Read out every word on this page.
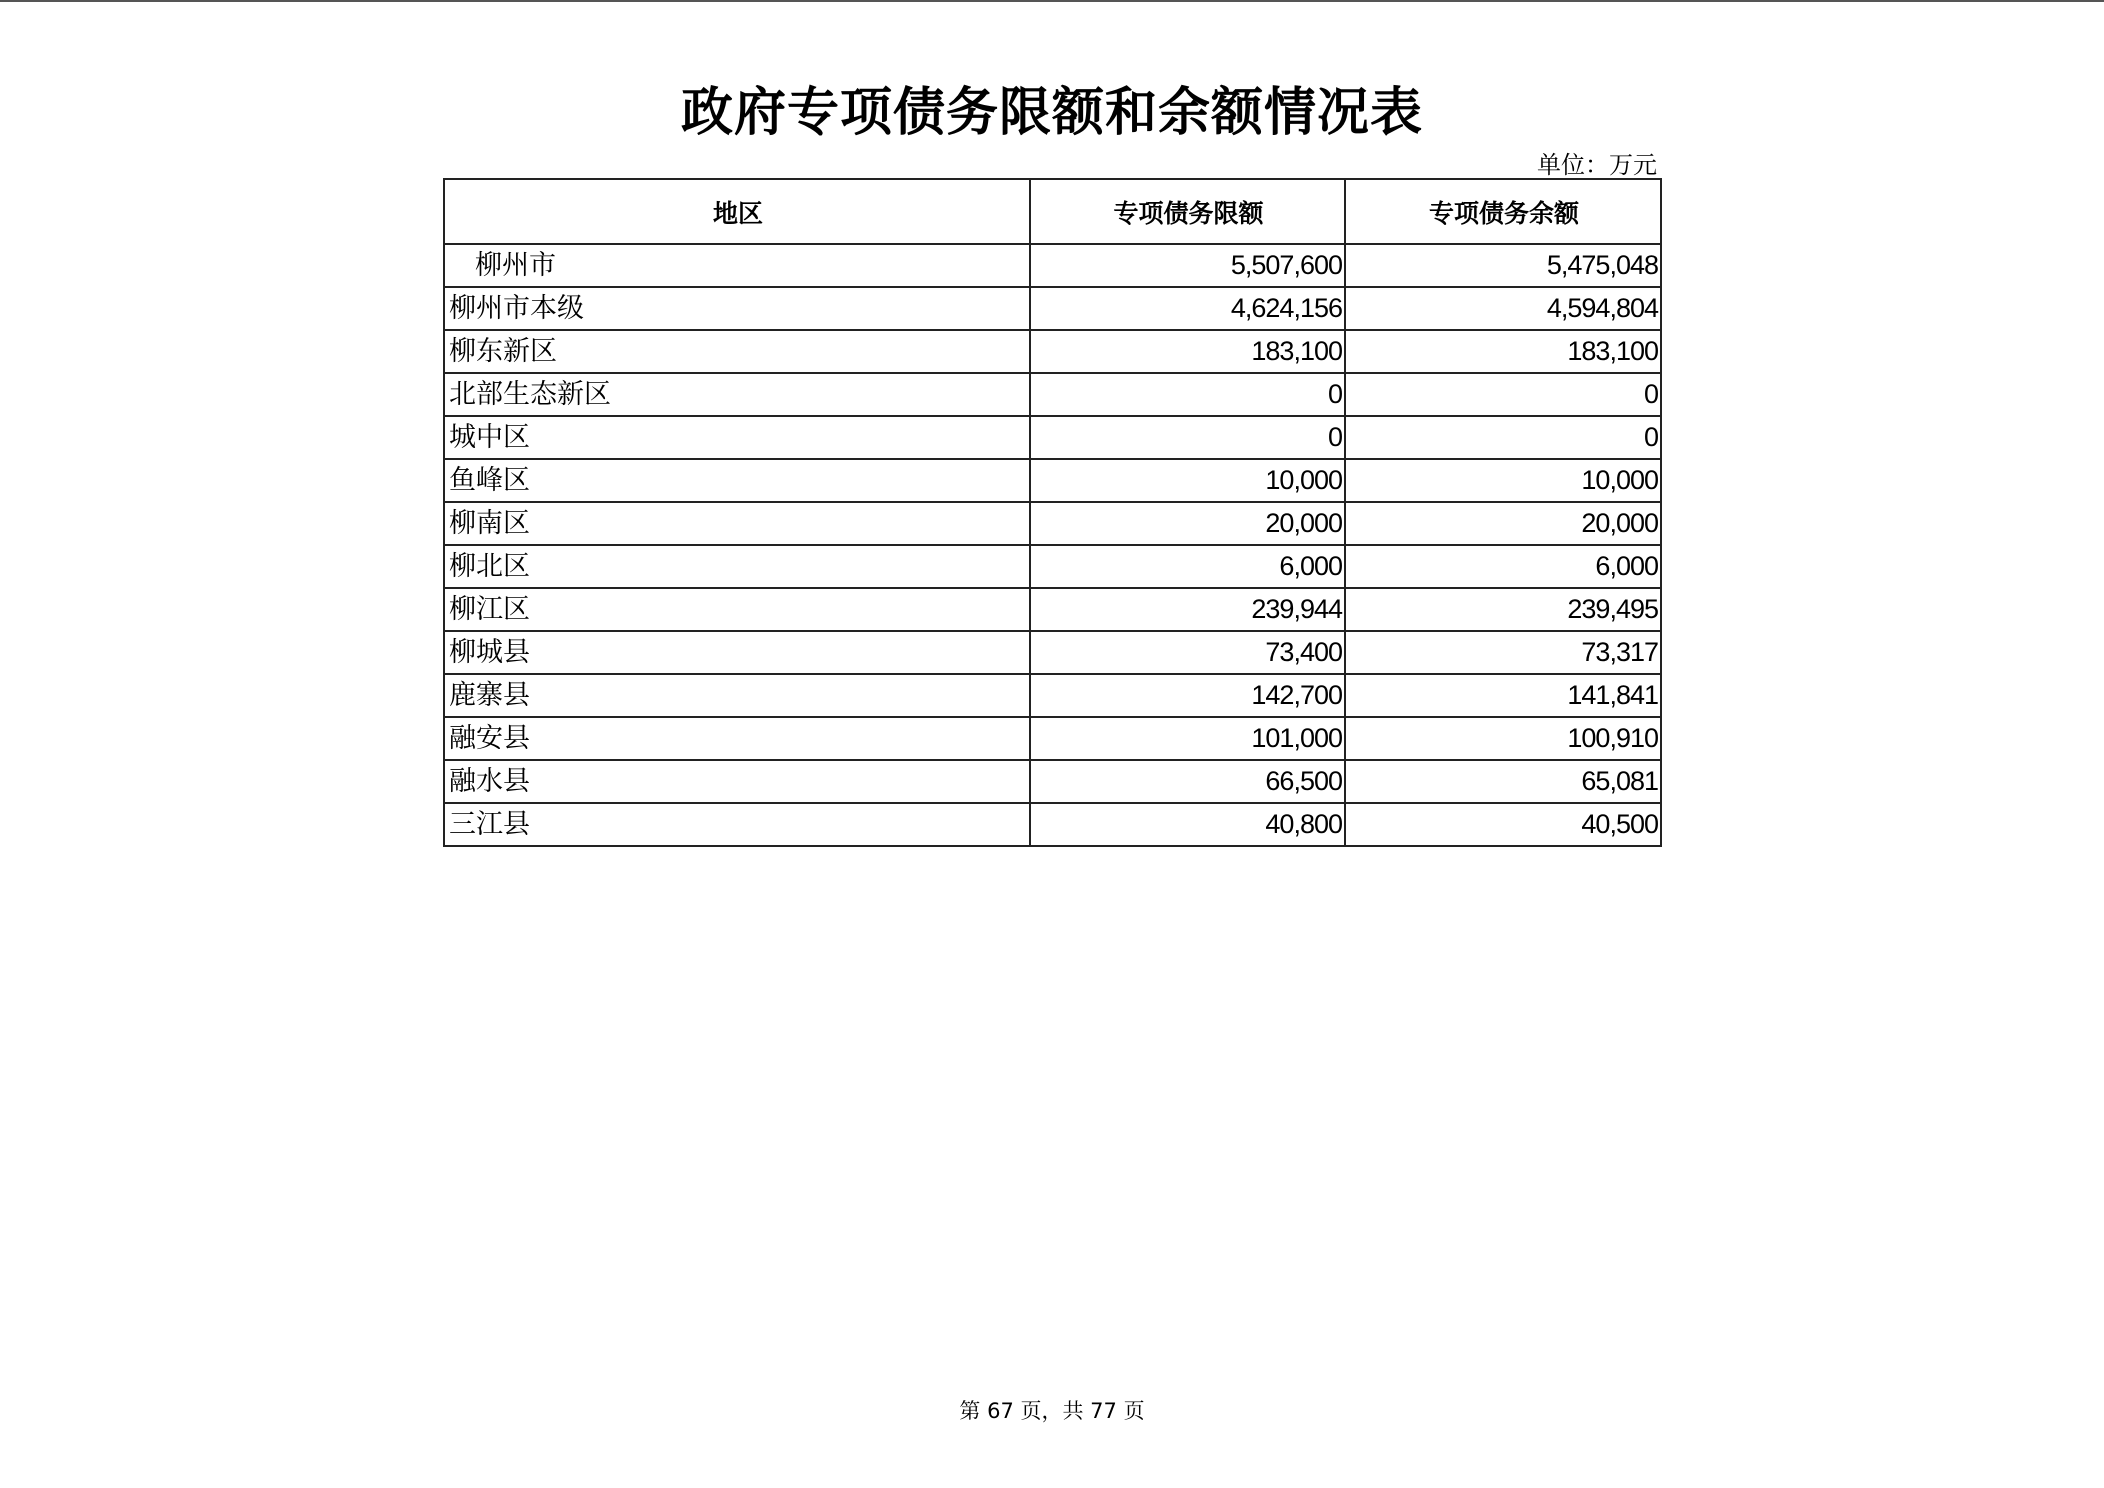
政府专项债务限额和余额情况表
单位：万元
地区	专项债务限额	专项债务余额
柳州市	5,507,600	5,475,048
柳州市本级	4,624,156	4,594,804
柳东新区	183,100	183,100
北部生态新区	0	0
城中区	0	0
鱼峰区	10,000	10,000
柳南区	20,000	20,000
柳北区	6,000	6,000
柳江区	239,944	239,495
柳城县	73,400	73,317
鹿寨县	142,700	141,841
融安县	101,000	100,910
融水县	66,500	65,081
三江县	40,800	40,500
第 67 页，共 77 页
